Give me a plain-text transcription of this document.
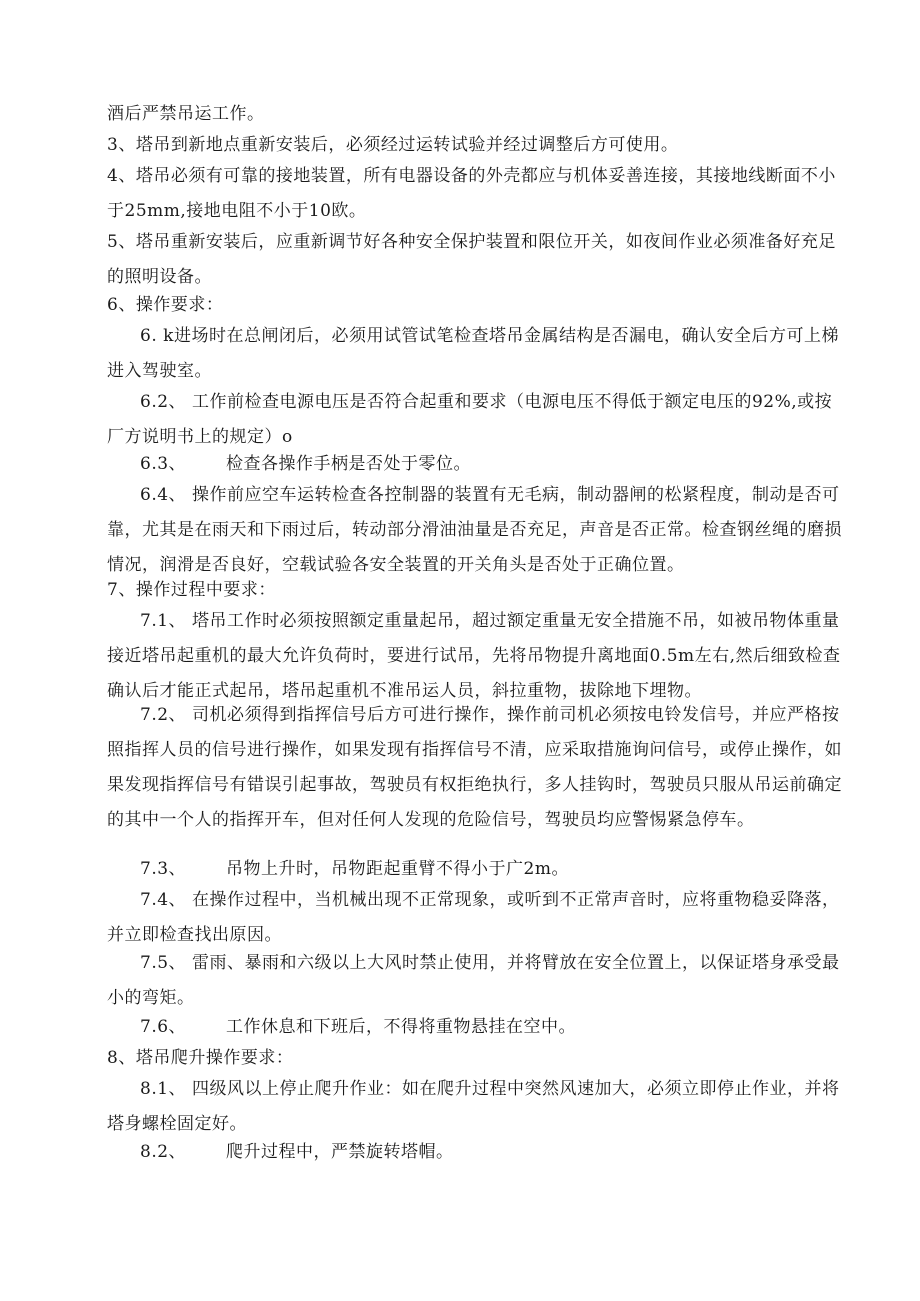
酒后严禁吊运工作。

3、塔吊到新地点重新安装后，必须经过运转试验并经过调整后方可使用。

4、塔吊必须有可靠的接地装置，所有电器设备的外壳都应与机体妥善连接，其接地线断面不小于25mm,接地电阻不小于10欧。

5、塔吊重新安装后，应重新调节好各种安全保护装置和限位开关，如夜间作业必须准备好充足的照明设备。

6、操作要求：

6. k进场时在总闸闭后，必须用试管试笔检查塔吊金属结构是否漏电，确认安全后方可上梯进入驾驶室。

6.2、 工作前检查电源电压是否符合起重和要求（电源电压不得低于额定电压的92%,或按厂方说明书上的规定）o

6.3、 检查各操作手柄是否处于零位。

6.4、 操作前应空车运转检查各控制器的装置有无毛病，制动器闸的松紧程度，制动是否可靠，尤其是在雨天和下雨过后，转动部分滑油油量是否充足，声音是否正常。检查钢丝绳的磨损情况，润滑是否良好，空载试验各安全装置的开关角头是否处于正确位置。

7、操作过程中要求：

7.1、 塔吊工作时必须按照额定重量起吊，超过额定重量无安全措施不吊，如被吊物体重量接近塔吊起重机的最大允许负荷时，要进行试吊，先将吊物提升离地面0.5m左右,然后细致检查确认后才能正式起吊，塔吊起重机不准吊运人员，斜拉重物，拔除地下埋物。

7.2、 司机必须得到指挥信号后方可进行操作，操作前司机必须按电铃发信号，并应严格按照指挥人员的信号进行操作，如果发现有指挥信号不清，应采取措施询问信号，或停止操作，如果发现指挥信号有错误引起事故，驾驶员有权拒绝执行，多人挂钩时，驾驶员只服从吊运前确定的其中一个人的指挥开车，但对任何人发现的危险信号，驾驶员均应警惕紧急停车。

7.3、 吊物上升时，吊物距起重臂不得小于广2m。

7.4、 在操作过程中，当机械出现不正常现象，或听到不正常声音时，应将重物稳妥降落，并立即检查找出原因。

7.5、 雷雨、暴雨和六级以上大风时禁止使用，并将臂放在安全位置上，以保证塔身承受最小的弯矩。

7.6、 工作休息和下班后，不得将重物悬挂在空中。

8、塔吊爬升操作要求：

8.1、 四级风以上停止爬升作业：如在爬升过程中突然风速加大，必须立即停止作业，并将塔身螺栓固定好。

8.2、 爬升过程中，严禁旋转塔帽。
